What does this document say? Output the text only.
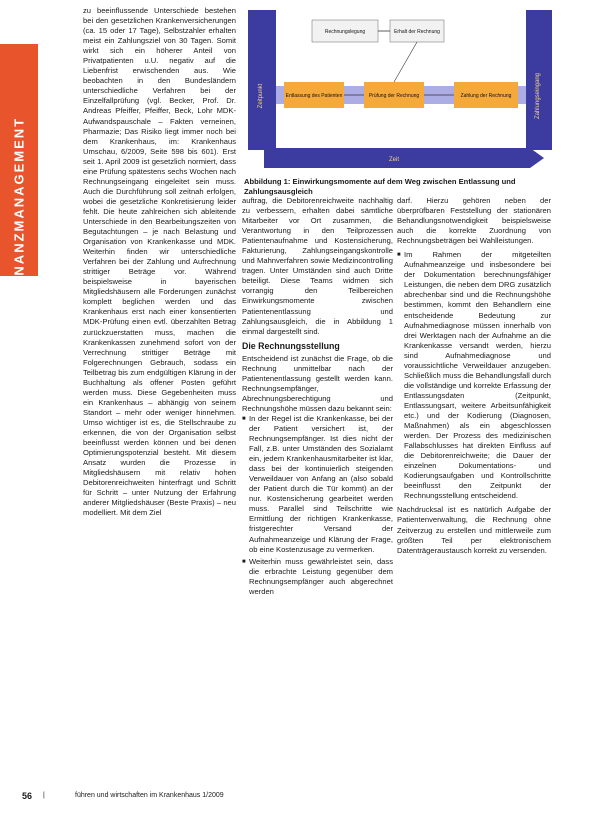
FINANZMANAGEMENT

zu beeinflussende Unterschiede bestehen bei den gesetzlichen Krankenversicherungen (ca. 15 oder 17 Tage), Selbstzahler erhalten meist ein Zahlungsziel von 30 Tagen. Somit wirkt sich ein höherer Anteil von Privatpatienten u.U. negativ auf die Liebenfrist erwischenden aus. Wie beobachten in den Bundesländern unterschiedliche Verfahren bei der Einzelfallprüfung (vgl. Becker, Prof. Dr. Andreas Pfeiffer, Pfeiffer, Beck, Lohr MDK-Aufwandspauschale – Fakten verneinen, Pharmazie; Das Risiko liegt immer noch bei dem Krankenhaus, im: Krankenhaus Umschau, 6/2009, Seite 598 bis 601). Erst seit 1. April 2009 ist gesetzlich normiert, dass eine Prüfung spätestens sechs Wochen nach Rechnungseingang eingeleitet sein muss. Auch die Durchführung soll zeitnah erfolgen, wobei die gesetzliche Konkretisierung leider fehlt. Die heute zahlreichen sich ableitende Unterschiede in den Bearbeitungszeiten von Begutachtungen – je nach Belastung und Organisation von Krankenkasse und MDK. Weiterhin finden wir unterschiedliche Verfahren bei der Zahlung und Aufrechnung strittiger Beträge vor. Während beispielsweise in bayerischen Mitgliedshäusern alle Forderungen zunächst komplett beglichen werden und das Krankenhaus erst nach einer konsentierten MDK-Prüfung einen evtl. überzahlten Betrag zurückzuerstatten muss, machen die Krankenkassen zunehmend sofort von der Verrechnung strittiger Beträge mit Folgerechnungen Gebrauch, sodass ein Teilbetrag bis zum endgültigen Klärung in der Buchhaltung als offener Posten geführt werden muss. Diese Gegebenheiten muss ein Krankenhaus – abhängig von seinem Standort – mehr oder weniger hinnehmen. Umso wichtiger ist es, die Stellschraube zu erkennen, die von der Organisation selbst beeinflusst werden können und bei denen Optimierungspotenzial besteht. Mit diesem Ansatz wurden die Prozesse in Mitgliedshäusern mit relativ hohen Debitorenreichweiten hinterfragt und Schritt für Schritt – unter Nutzung der Erfahrung anderer Mitgliedshäuser (Beste Praxis) – neu modelliert. Mit dem Ziel

Zeitpunkt	Zahlungseingang
Zeit
Rechnungslegung	Erhalt der Rechnung
Entlassung des Patienten	Prüfung der Rechnung	Zahlung der Rechnung
Abbildung 1: Einwirkungsmomente auf dem Weg zwischen Entlassung und Zahlungsausgleich

auftrag, die Debitorenreichweite nachhaltig zu verbessern, erhalten dabei sämtliche Mitarbeiter vor Ort zusammen, die Verantwortung in den Teilprozessen Patientenaufnahme und Kostensicherung, Fakturierung, Zahlungseingangskontrolle und Mahnverfahren sowie Medizincontrolling tragen. Unter Umständen sind auch Dritte beteiligt. Diese Teams widmen sich vorrangig den Teilbereichen Einwirkungsmomente zwischen Patientenentlassung und Zahlungsausgleich, die in Abbildung 1 einmal dargestellt sind.

Die Rechnungsstellung

Entscheidend ist zunächst die Frage, ob die Rechnung unmittelbar nach der Patientenentlassung gestellt werden kann. Rechnungsempfänger, Abrechnungsberechtigung und Rechnungshöhe müssen dazu bekannt sein:

■ In der Regel ist die Krankenkasse, bei der der Patient versichert ist, der Rechnungsempfänger. Ist dies nicht der Fall, z.B. unter Umständen des Sozialamt ein, jedem Krankenhausmitarbeiter ist klar, dass bei der kontinuierlich steigenden Verweildauer von Anfang an (also sobald der Patient durch die Tür kommt) an der nur. Kostensicherung gearbeitet werden muss. Parallel sind Teilschritte wie Ermittlung der richtigen Krankenkasse, fristgerechter Versand der Aufnahmeanzeige und Klärung der Frage, ob eine Kostenzusage zu vermerken.
■ Weiterhin muss gewährleistet sein, dass die erbrachte Leistung gegenüber dem Rechnungsempfänger auch abgerechnet werden

darf. Hierzu gehören neben der überprüfbaren Feststellung der stationären Behandlungsnotwendigkeit beispielsweise auch die korrekte Zuordnung von Rechnungsbeträgen bei Wahlleistungen.

■ Im Rahmen der mitgeteilten Aufnahmeanzeige und insbesondere bei der Dokumentation berechnungsfähiger Leistungen, die neben dem DRG zusätzlich abrechenbar sind und die Rechnungshöhe bestimmen, kommt den Behandlern eine entscheidende Bedeutung zur Aufnahmediagnose müssen innerhalb von drei Werktagen nach der Aufnahme an die Krankenkasse versandt werden, hierzu sind Aufnahmediagnose und voraussichtliche Verweildauer anzugeben. Schließlich muss die Behandlungsfall durch die vollständige und korrekte Erfassung der Entlassungsdaten (Zeitpunkt, Entlassungsart, weitere Arbeitsunfähigkeit etc.) und der Kodierung (Diagnosen, Maßnahmen) als ein abgeschlossen werden. Der Prozess des medizinischen Fallabschlusses hat direkten Einfluss auf die Debitorenreichweite; die Dauer der einzelnen Dokumentations- und Kodierungsaufgaben und Kontrollschritte beeinflusst den Zeitpunkt der Rechnungsstellung entscheidend.

Nachdrucksal ist es natürlich Aufgabe der Patientenverwaltung, die Rechnung ohne Zeitverzug zu erstellen und mittlerweile zum größten Teil per elektronischem Datenträgeraustausch korrekt zu versenden.

56 |	führen und wirtschaften im Krankenhaus 1/2009
